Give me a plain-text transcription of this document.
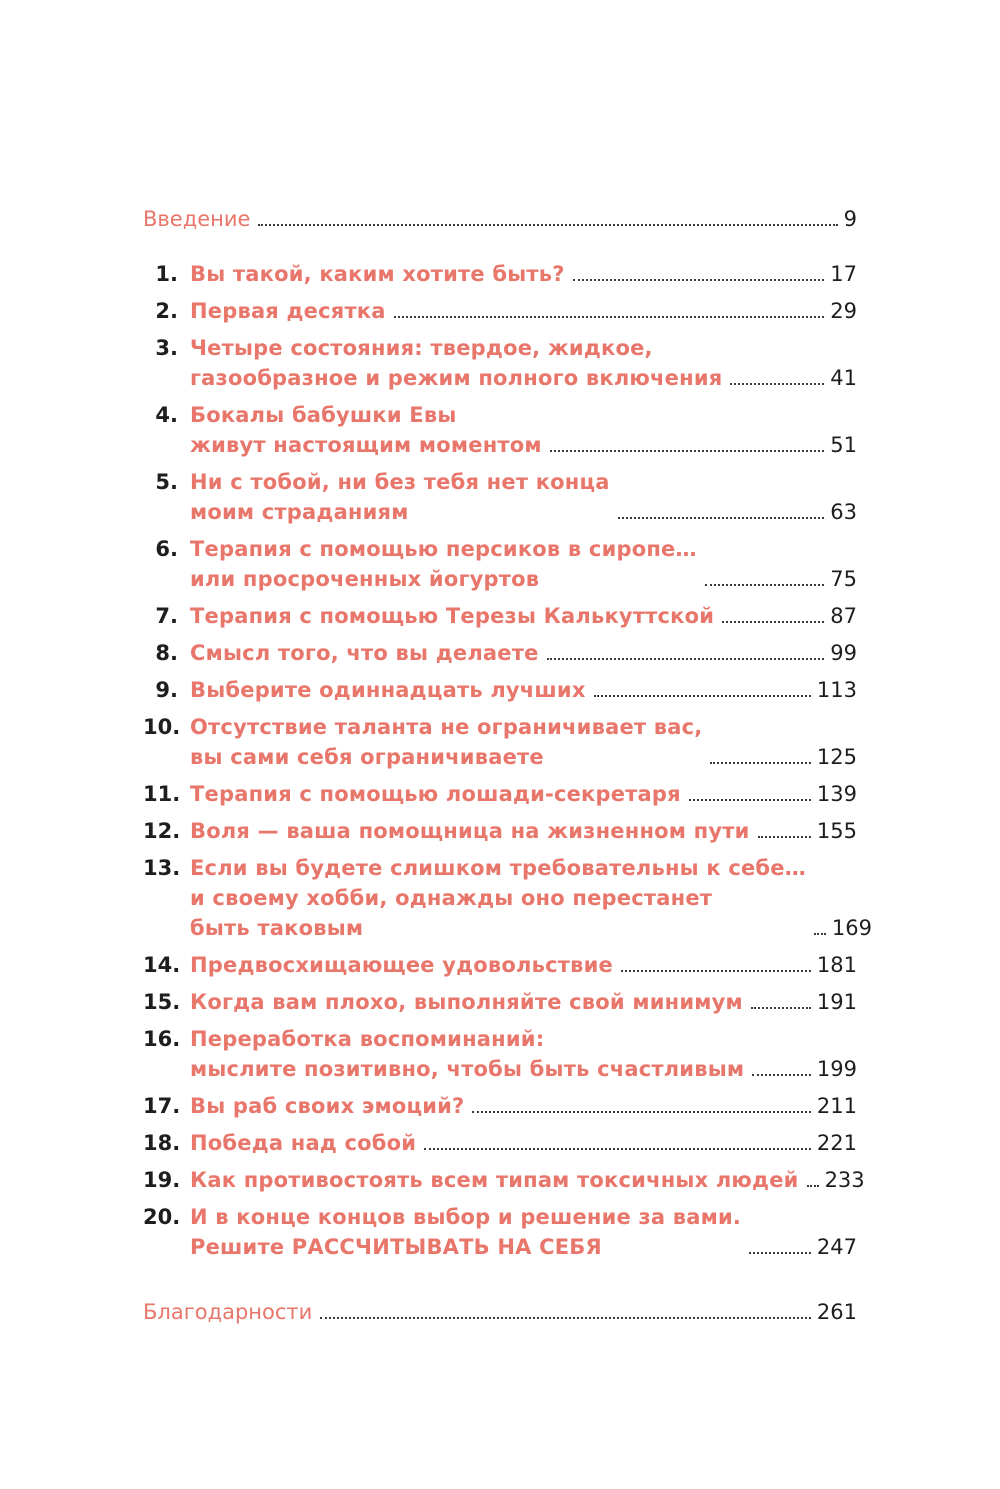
Введение	9
1. Вы такой, каким хотите быть?	17
2. Первая десятка	29
3. Четыре состояния: твердое, жидкое,
газообразное и режим полного включения	41
4. Бокалы бабушки Евы
живут настоящим моментом	51
5. Ни с тобой, ни без тебя нет конца
моим страданиям	63
6. Терапия с помощью персиков в сиропе…
или просроченных йогуртов	75
7. Терапия с помощью Терезы Калькуттской	87
8. Смысл того, что вы делаете	99
9. Выберите одиннадцать лучших	113
10. Отсутствие таланта не ограничивает вас,
вы сами себя ограничиваете	125
11. Терапия с помощью лошади-секретаря	139
12. Воля — ваша помощница на жизненном пути	155
13. Если вы будете слишком требовательны к себе…
и своему хобби, однажды оно перестанет
быть таковым	169
14. Предвосхищающее удовольствие	181
15. Когда вам плохо, выполняйте свой минимум	191
16. Переработка воспоминаний:
мыслите позитивно, чтобы быть счастливым	199
17. Вы раб своих эмоций?	211
18. Победа над собой	221
19. Как противостоять всем типам токсичных людей 233
20. И в конце концов выбор и решение за вами.
Решите РАССЧИТЫВАТЬ НА СЕБЯ	247
Благодарности	261
